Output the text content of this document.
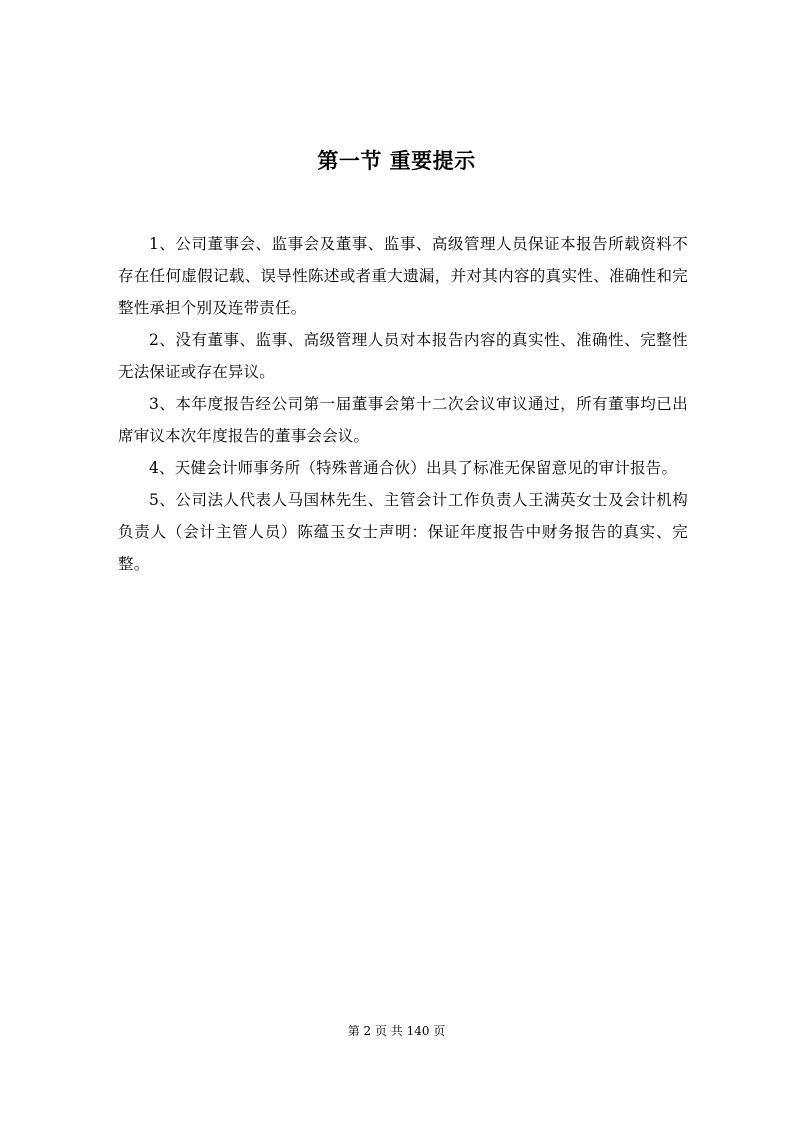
第一节 重要提示

1、公司董事会、监事会及董事、监事、高级管理人员保证本报告所载资料不存在任何虚假记载、误导性陈述或者重大遗漏，并对其内容的真实性、准确性和完整性承担个别及连带责任。

2、没有董事、监事、高级管理人员对本报告内容的真实性、准确性、完整性无法保证或存在异议。

3、本年度报告经公司第一届董事会第十二次会议审议通过，所有董事均已出席审议本次年度报告的董事会会议。

4、天健会计师事务所（特殊普通合伙）出具了标准无保留意见的审计报告。

5、公司法人代表人马国林先生、主管会计工作负责人王满英女士及会计机构负责人（会计主管人员）陈蕴玉女士声明：保证年度报告中财务报告的真实、完整。

第 2 页 共 140 页
